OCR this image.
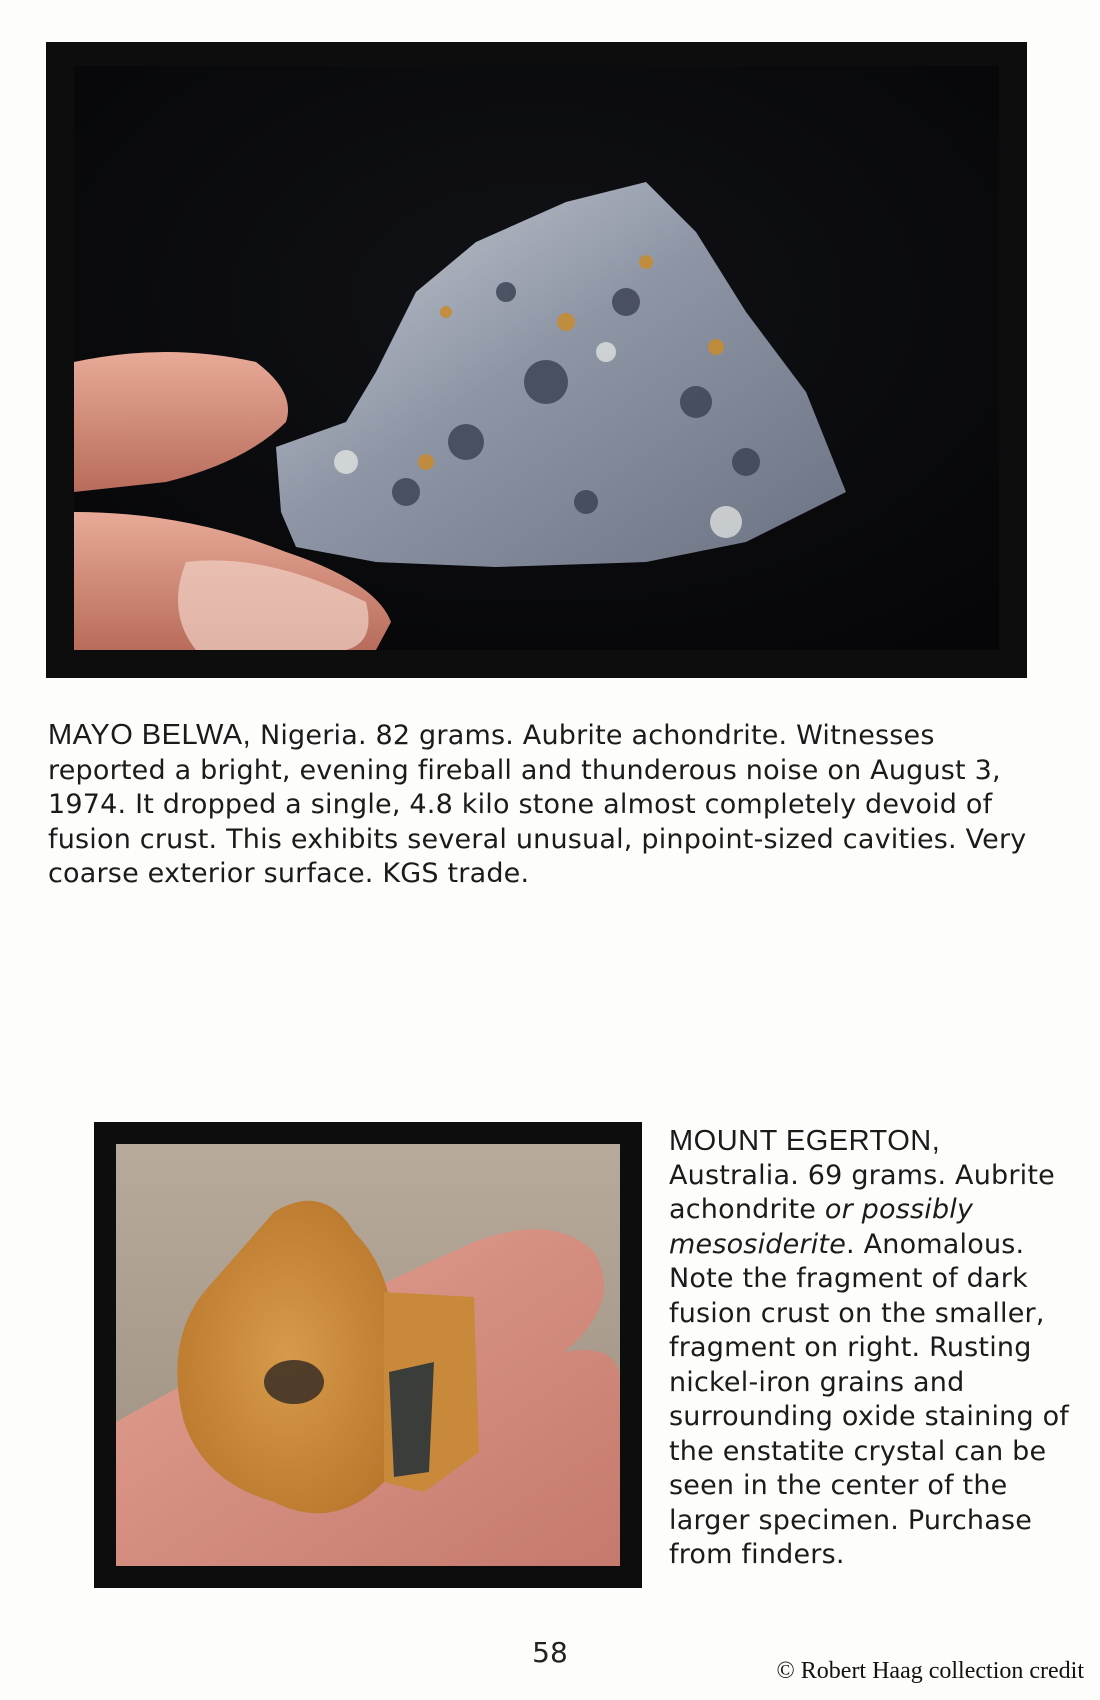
MAYO BELWA, Nigeria. 82 grams. Aubrite achondrite. Witnesses reported a bright, evening fireball and thunderous noise on August 3, 1974. It dropped a single, 4.8 kilo stone almost completely devoid of fusion crust. This exhibits several unusual, pinpoint-sized cavities. Very coarse exterior surface. KGS trade.
MOUNT EGERTON,
Australia. 69 grams. Aubrite achondrite or possibly mesosiderite. Anomalous. Note the fragment of dark fusion crust on the smaller, fragment on right. Rusting nickel-iron grains and surrounding oxide staining of the enstatite crystal can be seen in the center of the larger specimen. Purchase from finders.
58
© Robert Haag collection credit
